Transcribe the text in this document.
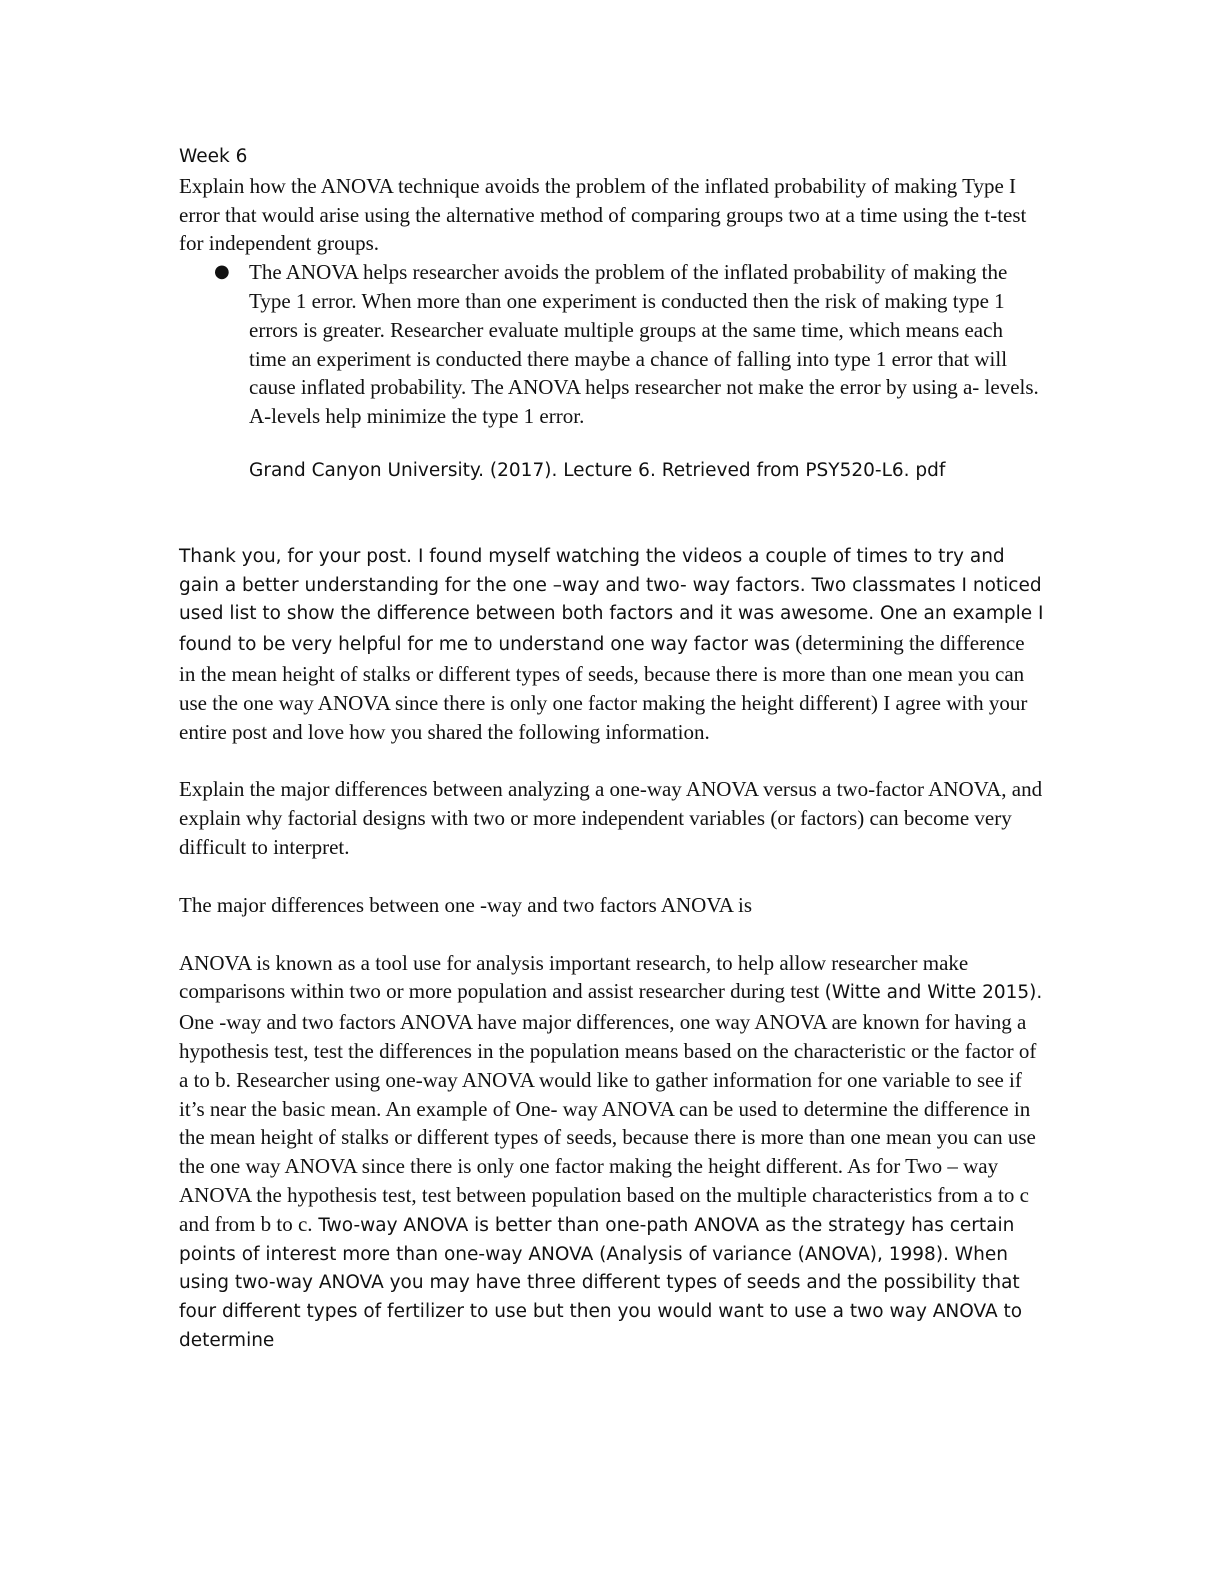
Week 6

Explain how the ANOVA technique avoids the problem of the inflated probability of making Type I error that would arise using the alternative method of comparing groups two at a time using the t-test for independent groups.

● The ANOVA helps researcher avoids the problem of the inflated probability of making the Type 1 error. When more than one experiment is conducted then the risk of making type 1 errors is greater. Researcher evaluate multiple groups at the same time, which means each time an experiment is conducted there maybe a chance of falling into type 1 error that will cause inflated probability. The ANOVA helps researcher not make the error by using a- levels. A-levels help minimize the type 1 error.

Grand Canyon University. (2017). Lecture 6. Retrieved from PSY520-L6. pdf

Thank you, for your post. I found myself watching the videos a couple of times to try and gain a better understanding for the one –way and two- way factors. Two classmates I noticed used list to show the difference between both factors and it was awesome. One an example I found to be very helpful for me to understand one way factor was (determining the difference in the mean height of stalks or different types of seeds, because there is more than one mean you can use the one way ANOVA since there is only one factor making the height different) I agree with your entire post and love how you shared the following information.

Explain the major differences between analyzing a one-way ANOVA versus a two-factor ANOVA, and explain why factorial designs with two or more independent variables (or factors) can become very difficult to interpret.

The major differences between one -way and two factors ANOVA is

ANOVA is known as a tool use for analysis important research, to help allow researcher make comparisons within two or more population and assist researcher during test (Witte and Witte 2015). One -way and two factors ANOVA have major differences, one way ANOVA are known for having a hypothesis test, test the differences in the population means based on the characteristic or the factor of a to b. Researcher using one-way ANOVA would like to gather information for one variable to see if it’s near the basic mean. An example of One- way ANOVA can be used to determine the difference in the mean height of stalks or different types of seeds, because there is more than one mean you can use the one way ANOVA since there is only one factor making the height different. As for Two – way ANOVA the hypothesis test, test between population based on the multiple characteristics from a to c and from b to c. Two-way ANOVA is better than one-path ANOVA as the strategy has certain points of interest more than one-way ANOVA (Analysis of variance (ANOVA), 1998). When using two-way ANOVA you may have three different types of seeds and the possibility that four different types of fertilizer to use but then you would want to use a two way ANOVA to determine
